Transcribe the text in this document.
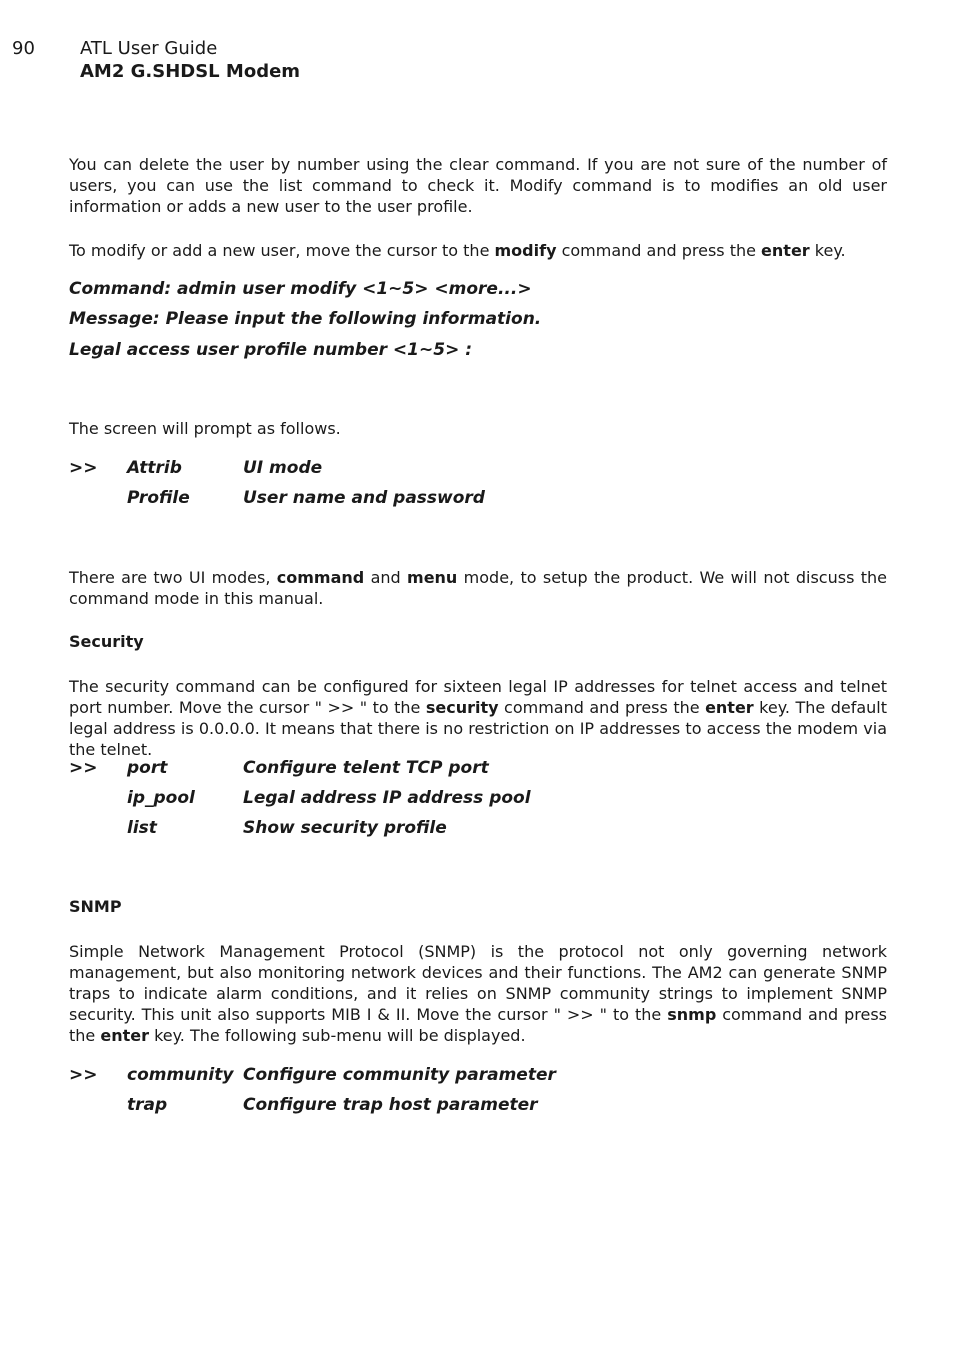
90	ATL User Guide
AM2 G.SHDSL Modem

You can delete the user by number using the clear command. If you are not sure of the number of users, you can use the list command to check it. Modify command is to modifies an old user information or adds a new user to the user profile.

To modify or add a new user, move the cursor to the modify command and press the enter key.

Command: admin user modify <1~5> <more...>
Message: Please input the following information.
Legal access user profile number <1~5> :

The screen will prompt as follows.

>> Attrib	UI mode
Profile	User name and password

There are two UI modes, command and menu mode, to setup the product. We will not discuss the command mode in this manual.

Security

The security command can be configured for sixteen legal IP addresses for telnet access and telnet port number. Move the cursor " >> " to the security command and press the enter key. The default legal address is 0.0.0.0. It means that there is no restriction on IP addresses to access the modem via the telnet.

>> port	Configure telent TCP port
ip_pool	Legal address IP address pool
list	Show security profile
SNMP

Simple Network Management Protocol (SNMP) is the protocol not only governing network management, but also monitoring network devices and their functions. The AM2 can generate SNMP traps to indicate alarm conditions, and it relies on SNMP community strings to implement SNMP security. This unit also supports MIB I & II. Move the cursor " >> " to the snmp command and press the enter key. The following sub-menu will be displayed.

>> community Configure community parameter
trap	Configure trap host parameter
